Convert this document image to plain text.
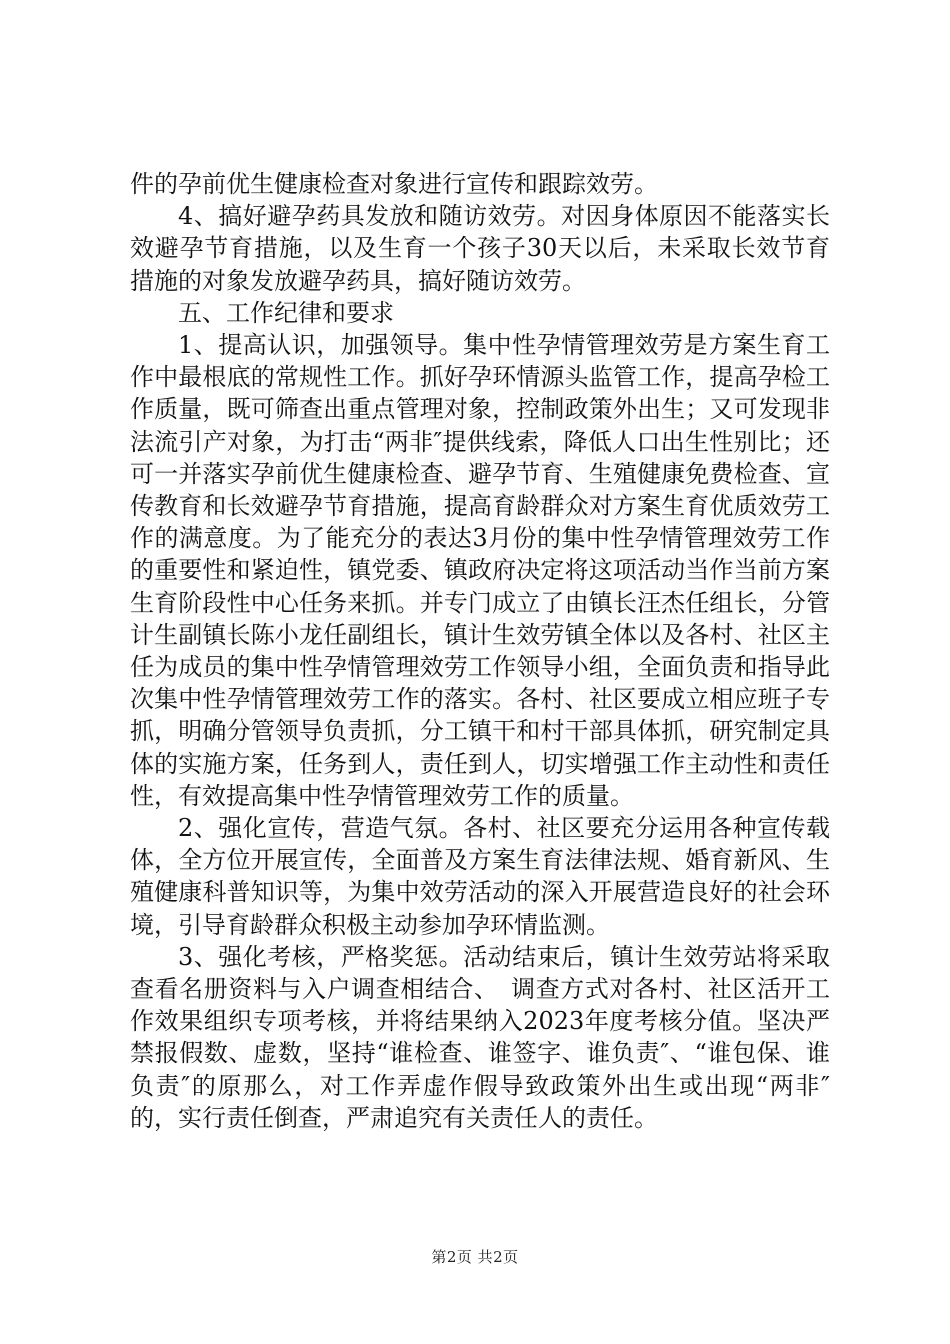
件的孕前优生健康检查对象进行宣传和跟踪效劳。

4、搞好避孕药具发放和随访效劳。对因身体原因不能落实长效避孕节育措施，以及生育一个孩子30天以后，未采取长效节育措施的对象发放避孕药具，搞好随访效劳。

五、工作纪律和要求

1、提高认识，加强领导。集中性孕情管理效劳是方案生育工作中最根底的常规性工作。抓好孕环情源头监管工作，提高孕检工作质量，既可筛查出重点管理对象，控制政策外出生；又可发现非法流引产对象，为打击“两非″提供线索，降低人口出生性别比；还可一并落实孕前优生健康检查、避孕节育、生殖健康免费检查、宣传教育和长效避孕节育措施，提高育龄群众对方案生育优质效劳工作的满意度。为了能充分的表达3月份的集中性孕情管理效劳工作的重要性和紧迫性，镇党委、镇政府决定将这项活动当作当前方案生育阶段性中心任务来抓。并专门成立了由镇长汪杰任组长，分管计生副镇长陈小龙任副组长，镇计生效劳镇全体以及各村、社区主任为成员的集中性孕情管理效劳工作领导小组，全面负责和指导此次集中性孕情管理效劳工作的落实。各村、社区要成立相应班子专抓，明确分管领导负责抓，分工镇干和村干部具体抓，研究制定具体的实施方案，任务到人，责任到人，切实增强工作主动性和责任性，有效提高集中性孕情管理效劳工作的质量。

2、强化宣传，营造气氛。各村、社区要充分运用各种宣传载体，全方位开展宣传，全面普及方案生育法律法规、婚育新风、生殖健康科普知识等，为集中效劳活动的深入开展营造良好的社会环境，引导育龄群众积极主动参加孕环情监测。

3、强化考核，严格奖惩。活动结束后，镇计生效劳站将采取查看名册资料与入户调查相结合、　调查方式对各村、社区活开工作效果组织专项考核，并将结果纳入2023年度考核分值。坚决严禁报假数、虚数，坚持“谁检查、谁签字、谁负责″、“谁包保、谁负责″的原那么，对工作弄虚作假导致政策外出生或出现“两非″的，实行责任倒查，严肃追究有关责任人的责任。

第2页 共2页
